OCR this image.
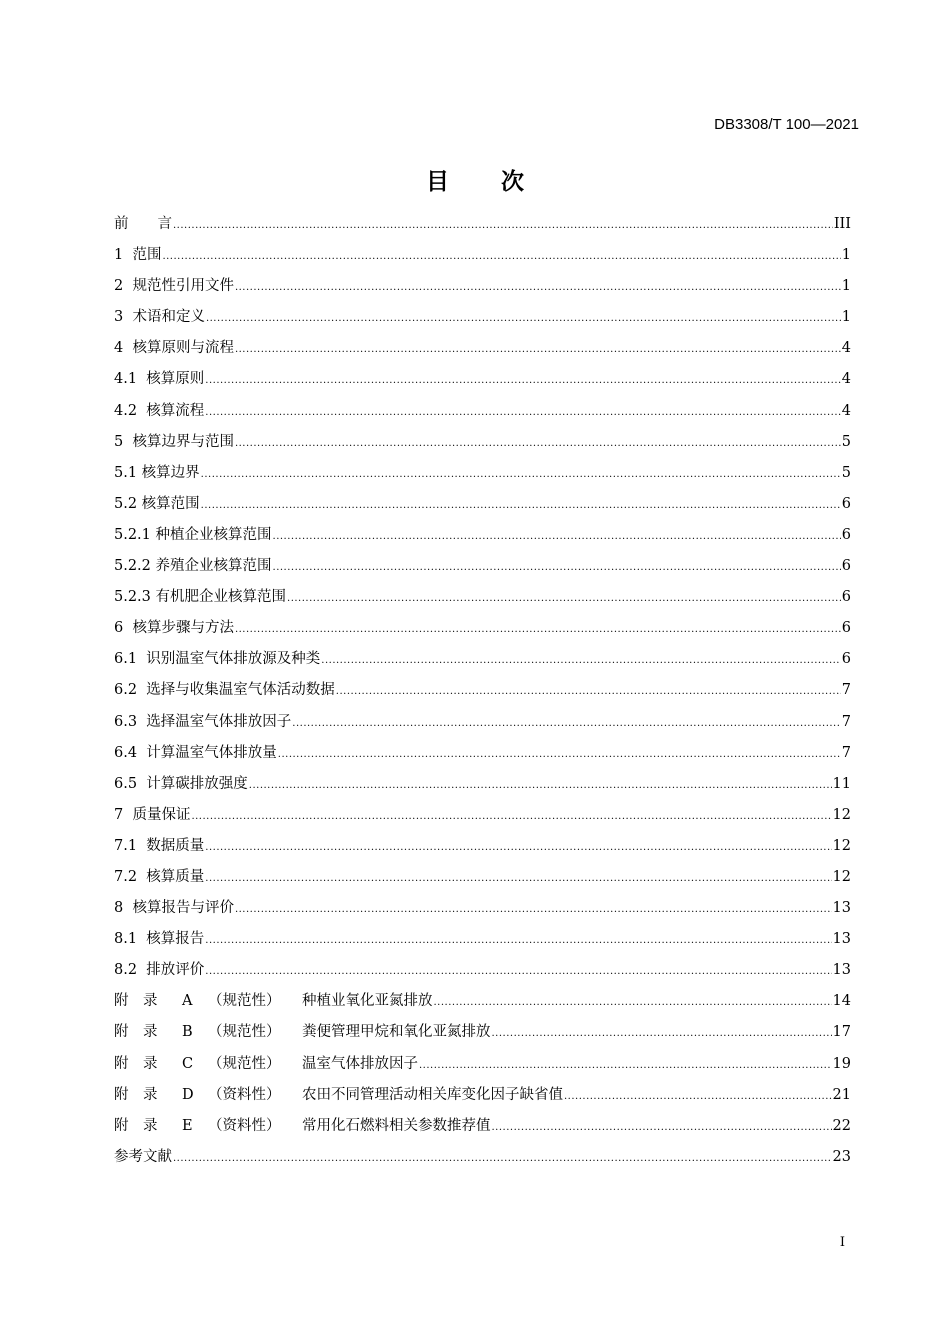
DB3308/T 100—2021
目 次
前　　言 .....	III
1  范围 .....	1
2  规范性引用文件 .....	1
3  术语和定义 .....	1
4  核算原则与流程 .....	4
4.1  核算原则 .....	4
4.2  核算流程 .....	4
5  核算边界与范围 .....	5
5.1 核算边界 .....	5
5.2 核算范围 .....	6
5.2.1 种植企业核算范围 .....	6
5.2.2 养殖企业核算范围 .....	6
5.2.3 有机肥企业核算范围 .....	6
6  核算步骤与方法 .....	6
6.1  识别温室气体排放源及种类 .....	6
6.2  选择与收集温室气体活动数据 .....	7
6.3  选择温室气体排放因子 .....	7
6.4  计算温室气体排放量 .....	7
6.5  计算碳排放强度 .....	11
7  质量保证 .....	12
7.1  数据质量 .....	12
7.2  核算质量 .....	12
8  核算报告与评价 .....	13
8.1  核算报告 .....	13
8.2  排放评价 .....	13
附　录 A （规范性） 种植业氧化亚氮排放 .....	14
附　录 B （规范性） 粪便管理甲烷和氧化亚氮排放 .....	17
附　录 C （规范性） 温室气体排放因子 .....	19
附　录 D （资料性） 农田不同管理活动相关库变化因子缺省值 .....	21
附　录 E （资料性） 常用化石燃料相关参数推荐值 .....	22
参考文献 .....	23
I
